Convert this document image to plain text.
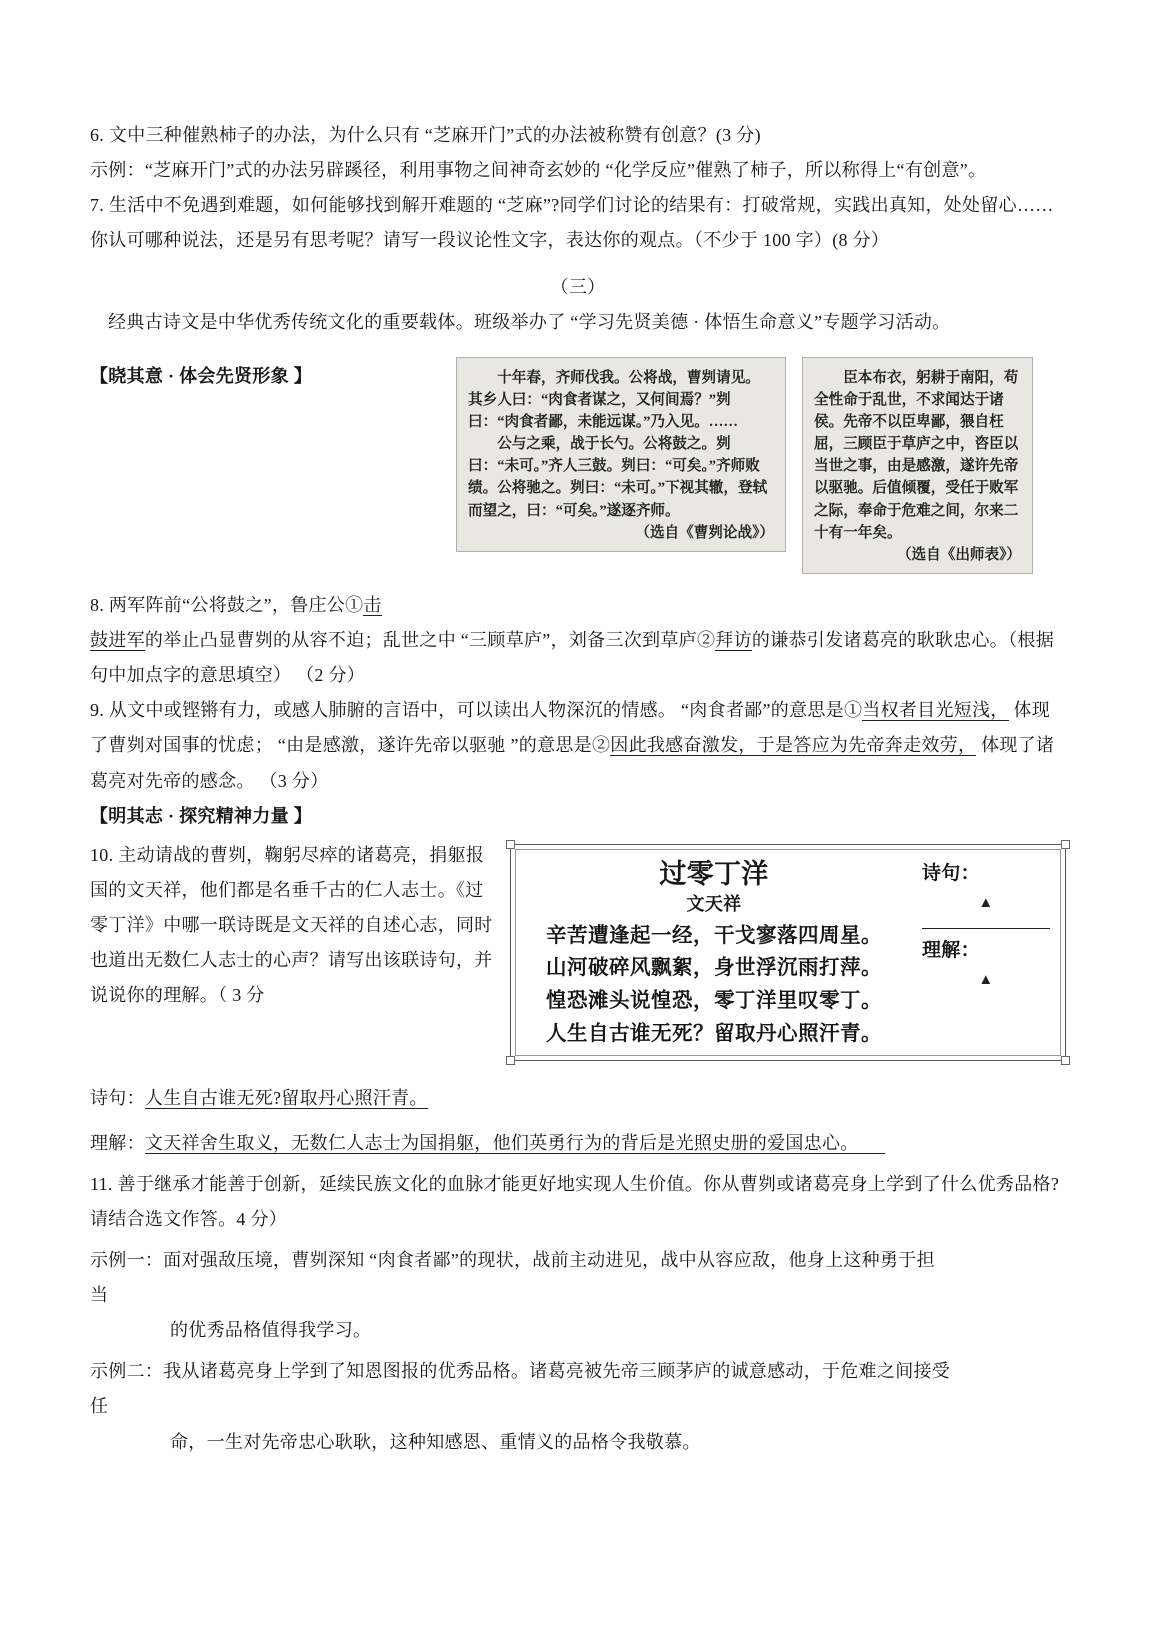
6. 文中三种催熟柿子的办法，为什么只有 “芝麻开门”式的办法被称赞有创意？(3 分)

示例：“芝麻开门”式的办法另辟蹊径，利用事物之间神奇玄妙的 “化学反应”催熟了柿子，所以称得上“有创意”。

7. 生活中不免遇到难题，如何能够找到解开难题的 “芝麻”?同学们讨论的结果有：打破常规，实践出真知，处处留心……你认可哪种说法，还是另有思考呢？请写一段议论性文字，表达你的观点。（不少于 100 字）(8 分）

（三）

经典古诗文是中华优秀传统文化的重要载体。班级举办了 “学习先贤美德 · 体悟生命意义”专题学习活动。

【晓其意 · 体会先贤形象 】	十年春，齐师伐我。公将战，曹刿请见。其乡人曰：“肉食者谋之，又何间焉？”刿曰：“肉食者鄙，未能远谋。”乃入见。……

公与之乘，战于长勺。公将鼓之。刿曰：“未可。”齐人三鼓。刿曰：“可矣。”齐师败绩。公将驰之。刿曰：“未可。”下视其辙，登轼而望之，曰：“可矣。”遂逐齐师。

（选自《曹刿论战》）

臣本布衣，躬耕于南阳，苟全性命于乱世，不求闻达于诸侯。先帝不以臣卑鄙，猥自枉屈，三顾臣于草庐之中，咨臣以当世之事，由是感激，遂许先帝以驱驰。后值倾覆，受任于败军之际，奉命于危难之间，尔来二十有一年矣。

（选自《出师表》）

8. 两军阵前“公将鼓之”，鲁庄公①击

鼓进军的举止凸显曹刿的从容不迫；乱世之中 “三顾草庐”，刘备三次到草庐②拜访的谦恭引发诸葛亮的耿耿忠心。（根据句中加点字的意思填空） （2 分）

9. 从文中或铿锵有力，或感人肺腑的言语中，可以读出人物深沉的情感。 “肉食者鄙”的意思是①当权者目光短浅， 体现了曹刿对国事的忧虑； “由是感激，遂许先帝以驱驰 ”的意思是②因此我感奋激发，于是答应为先帝奔走效劳， 体现了诸葛亮对先帝的感念。 （3 分）

【明其志 · 探究精神力量 】

过零丁洋
文天祥
辛苦遭逢起一经，干戈寥落四周星。
山河破碎风飘絮，身世浮沉雨打萍。
惶恐滩头说惶恐，零丁洋里叹零丁。
人生自古谁无死？留取丹心照汗青。
诗句：
▲
理解：
▲

10. 主动请战的曹刿，鞠躬尽瘁的诸葛亮，捐躯报国的文天祥，他们都是名垂千古的仁人志士。《过零丁洋》中哪一联诗既是文天祥的自述心志，同时也道出无数仁人志士的心声？请写出该联诗句，并说说你的理解。（ 3 分

诗句：人生自古谁无死?留取丹心照汗青。

理解：文天祥舍生取义，无数仁人志士为国捐躯，他们英勇行为的背后是光照史册的爱国忠心。

11. 善于继承才能善于创新，延续民族文化的血脉才能更好地实现人生价值。你从曹刿或诸葛亮身上学到了什么优秀品格?请结合选文作答。4 分）

示例一：面对强敌压境，曹刿深知 “肉食者鄙”的现状，战前主动进见，战中从容应敌，他身上这种勇于担

当

的优秀品格值得我学习。

示例二：我从诸葛亮身上学到了知恩图报的优秀品格。诸葛亮被先帝三顾茅庐的诚意感动，于危难之间接受

任

命，一生对先帝忠心耿耿，这种知感恩、重情义的品格令我敬慕。
